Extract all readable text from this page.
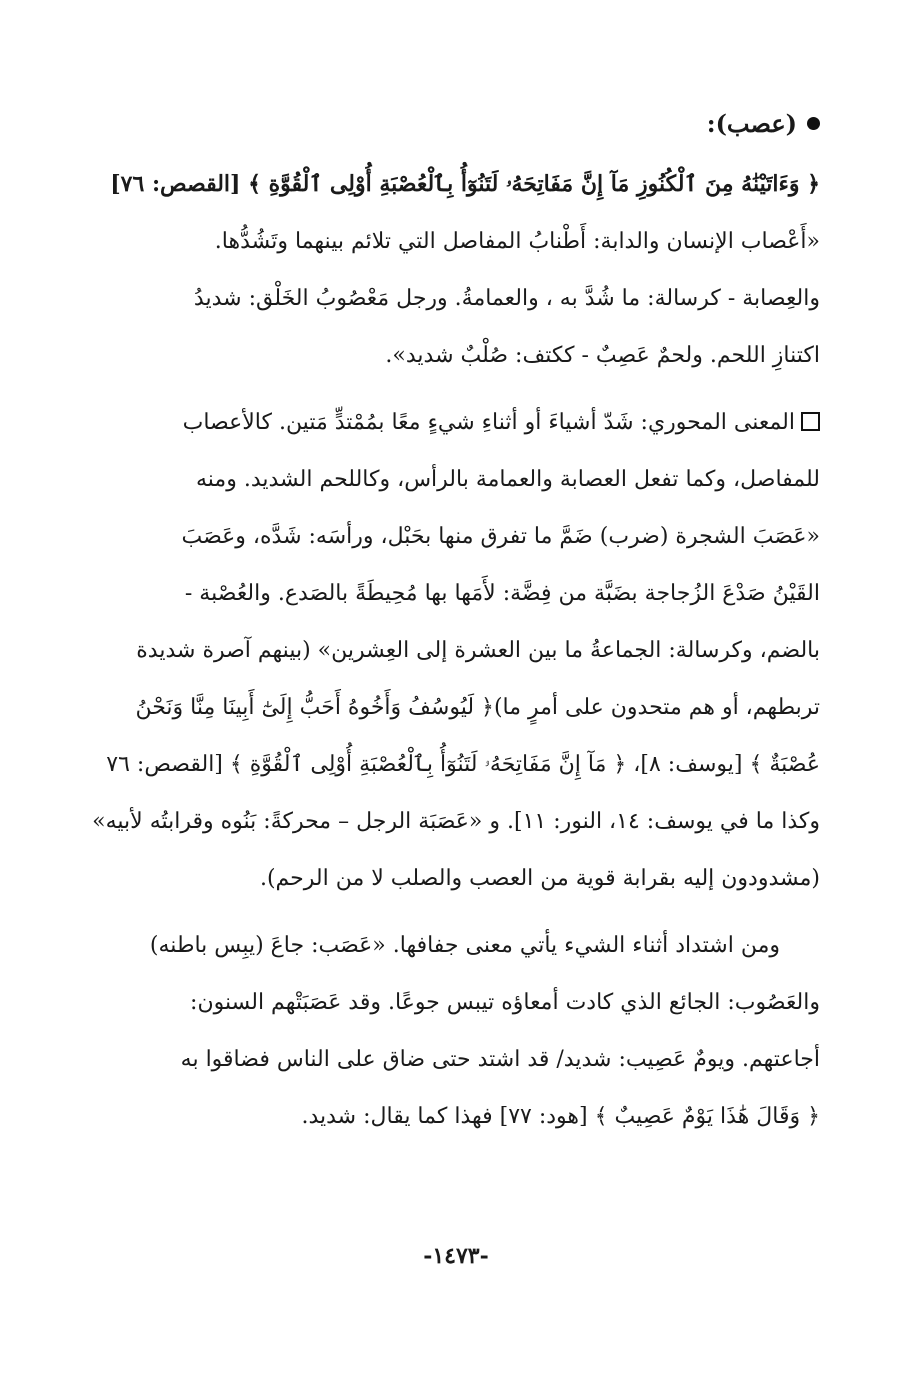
(عصب):
﴿ وَءَاتَيْنَٰهُ مِنَ ٱلْكُنُوزِ مَآ إِنَّ مَفَاتِحَهُۥ لَتَنُوٓأُ بِٱلْعُصْبَةِ أُوْلِى ٱلْقُوَّةِ ﴾ [القصص: ٧٦]
«أَعْصاب الإنسان والدابة: أَطْنابُ المفاصل التي تلائم بينهما وتَشُدُّها.
والعِصابة - كرسالة: ما شُدَّ به ، والعمامةُ. ورجل مَعْصُوبُ الخَلْق: شديدُ
اكتنازِ اللحم. ولحمٌ عَصِبٌ - ككتف: صُلْبٌ شديد».
المعنى المحوري: شَدّ أشياءَ أو أثناءِ شيءٍ معًا بمُمْتدٍّ مَتين. كالأعصاب
للمفاصل، وكما تفعل العصابة والعمامة بالرأس، وكاللحم الشديد. ومنه
«عَصَبَ الشجرة (ضرب) ضَمَّ ما تفرق منها بحَبْل، ورأسَه: شَدَّه، وعَصَبَ
القَيْنُ صَدْعَ الزُجاجة بضَبَّة من فِضَّة: لأَمَها بها مُحِيطَةً بالصَدع. والعُصْبة -
بالضم، وكرسالة: الجماعةُ ما بين العشرة إلى العِشرين» (بينهم آصرة شديدة
تربطهم، أو هم متحدون على أمرٍ ما)﴿ لَيُوسُفُ وَأَخُوهُ أَحَبُّ إِلَىٰٓ أَبِينَا مِنَّا وَنَحْنُ
عُصْبَةٌ ﴾ [يوسف: ٨]، ﴿ مَآ إِنَّ مَفَاتِحَهُۥ لَتَنُوٓأُ بِٱلْعُصْبَةِ أُوْلِى ٱلْقُوَّةِ ﴾ [القصص: ٧٦
وكذا ما في يوسف: ١٤، النور: ١١]. و «عَصَبَة الرجل – محركةً: بَنُوه وقرابتُه لأبيه»
(مشدودون إليه بقرابة قوية من العصب والصلب لا من الرحم).
ومن اشتداد أثناء الشيء يأتي معنى جفافها. «عَصَب: جاعَ (يبِس باطنه)
والعَصُوب: الجائع الذي كادت أمعاؤه تيبس جوعًا. وقد عَصَبَتْهم السنون:
أجاعتهم. ويومٌ عَصِيب: شديد/ قد اشتد حتى ضاق على الناس فضاقوا به
﴿ وَقَالَ هَٰذَا يَوْمٌ عَصِيبٌ ﴾ [هود: ٧٧] فهذا كما يقال: شديد.
-١٤٧٣-
